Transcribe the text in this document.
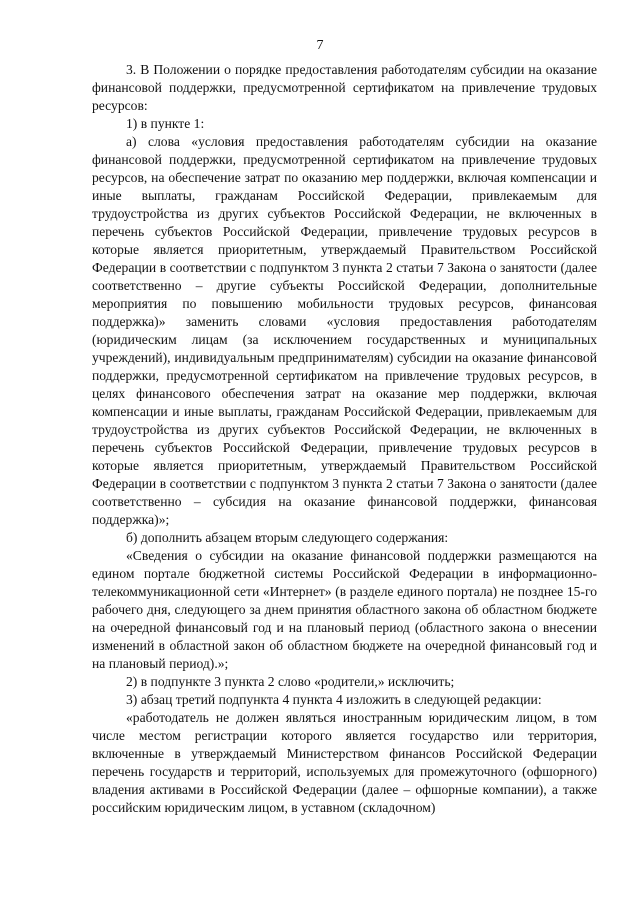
7

3. В Положении о порядке предоставления работодателям субсидии на оказание финансовой поддержки, предусмотренной сертификатом на привлечение трудовых ресурсов:

1) в пункте 1:

а) слова «условия предоставления работодателям субсидии на оказание финансовой поддержки, предусмотренной сертификатом на привлечение трудовых ресурсов, на обеспечение затрат по оказанию мер поддержки, включая компенсации и иные выплаты, гражданам Российской Федерации, привлекаемым для трудоустройства из других субъектов Российской Федерации, не включенных в перечень субъектов Российской Федерации, привлечение трудовых ресурсов в которые является приоритетным, утверждаемый Правительством Российской Федерации в соответствии с подпунктом 3 пункта 2 статьи 7 Закона о занятости (далее соответственно – другие субъекты Российской Федерации, дополнительные мероприятия по повышению мобильности трудовых ресурсов, финансовая поддержка)» заменить словами «условия предоставления работодателям (юридическим лицам (за исключением государственных и муниципальных учреждений), индивидуальным предпринимателям) субсидии на оказание финансовой поддержки, предусмотренной сертификатом на привлечение трудовых ресурсов, в целях финансового обеспечения затрат на оказание мер поддержки, включая компенсации и иные выплаты, гражданам Российской Федерации, привлекаемым для трудоустройства из других субъектов Российской Федерации, не включенных в перечень субъектов Российской Федерации, привлечение трудовых ресурсов в которые является приоритетным, утверждаемый Правительством Российской Федерации в соответствии с подпунктом 3 пункта 2 статьи 7 Закона о занятости (далее соответственно – субсидия на оказание финансовой поддержки, финансовая поддержка)»;

б) дополнить абзацем вторым следующего содержания:

«Сведения о субсидии на оказание финансовой поддержки размещаются на едином портале бюджетной системы Российской Федерации в информационно-телекоммуникационной сети «Интернет» (в разделе единого портала) не позднее 15-го рабочего дня, следующего за днем принятия областного закона об областном бюджете на очередной финансовый год и на плановый период (областного закона о внесении изменений в областной закон об областном бюджете на очередной финансовый год и на плановый период).»;

2) в подпункте 3 пункта 2 слово «родители,» исключить;

3) абзац третий подпункта 4 пункта 4 изложить в следующей редакции:

«работодатель не должен являться иностранным юридическим лицом, в том числе местом регистрации которого является государство или территория, включенные в утверждаемый Министерством финансов Российской Федерации перечень государств и территорий, используемых для промежуточного (офшорного) владения активами в Российской Федерации (далее – офшорные компании), а также российским юридическим лицом, в уставном (складочном)
